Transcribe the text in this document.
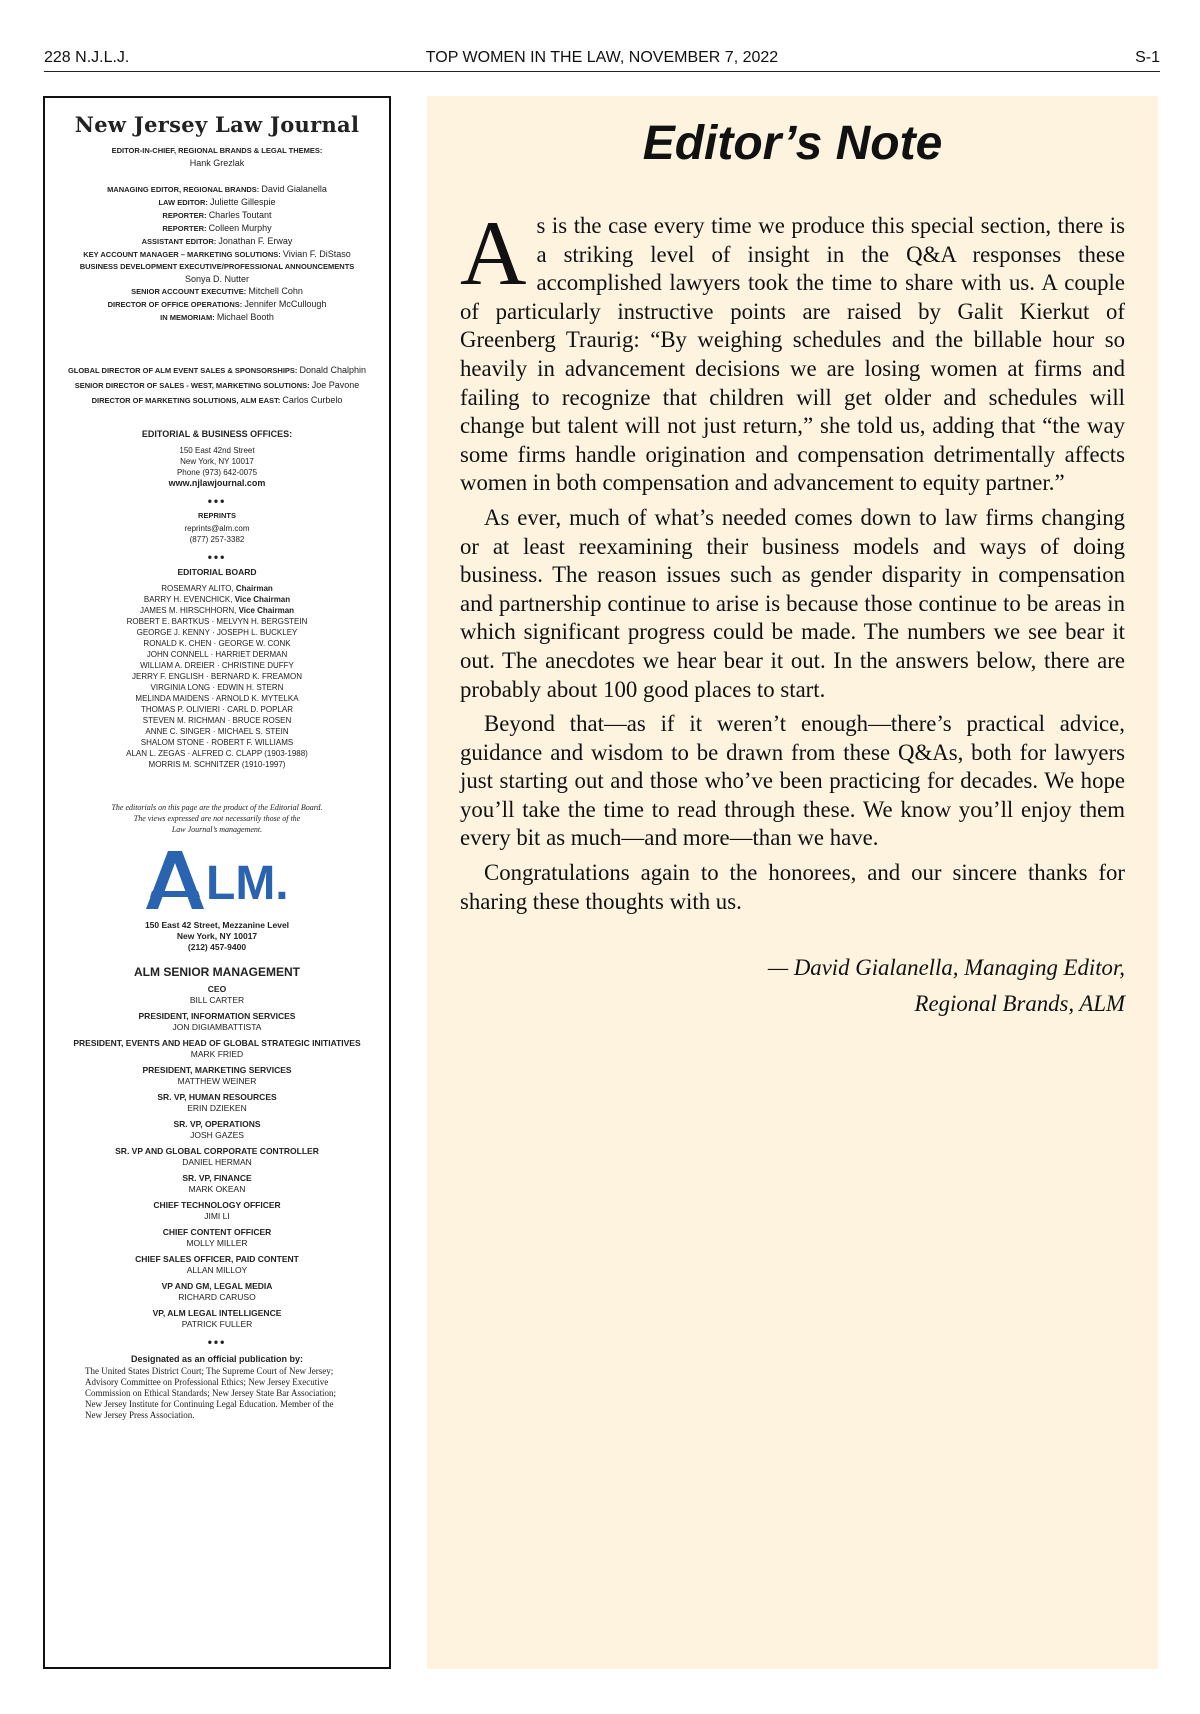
228 N.J.L.J.	TOP WOMEN IN THE LAW, NOVEMBER 7, 2022	S-1
New Jersey Law Journal
EDITOR-IN-CHIEF, REGIONAL BRANDS & LEGAL THEMES:
Hank Grezlak
MANAGING EDITOR, REGIONAL BRANDS: David Gialanella
LAW EDITOR: Juliette Gillespie
REPORTER: Charles Toutant
REPORTER: Colleen Murphy
ASSISTANT EDITOR: Jonathan F. Erway
KEY ACCOUNT MANAGER – MARKETING SOLUTIONS: Vivian F. DiStaso
BUSINESS DEVELOPMENT EXECUTIVE/PROFESSIONAL ANNOUNCEMENTS
Sonya D. Nutter
SENIOR ACCOUNT EXECUTIVE: Mitchell Cohn
DIRECTOR OF OFFICE OPERATIONS: Jennifer McCullough
IN MEMORIAM: Michael Booth
GLOBAL DIRECTOR OF ALM EVENT SALES & SPONSORSHIPS: Donald Chalphin
SENIOR DIRECTOR OF SALES - WEST, MARKETING SOLUTIONS: Joe Pavone
DIRECTOR OF MARKETING SOLUTIONS, ALM EAST: Carlos Curbelo
EDITORIAL & BUSINESS OFFICES:
150 East 42nd Street
New York, NY 10017
Phone (973) 642-0075
www.njlawjournal.com
•••
REPRINTS
reprints@alm.com
(877) 257-3382
•••
EDITORIAL BOARD
ROSEMARY ALITO, Chairman
BARRY H. EVENCHICK, Vice Chairman
JAMES M. HIRSCHHORN, Vice Chairman
ROBERT E. BARTKUS · MELVYN H. BERGSTEIN
GEORGE J. KENNY · JOSEPH L. BUCKLEY
RONALD K. CHEN · GEORGE W. CONK
JOHN CONNELL · HARRIET DERMAN
WILLIAM A. DREIER · CHRISTINE DUFFY
JERRY F. ENGLISH · BERNARD K. FREAMON
VIRGINIA LONG · EDWIN H. STERN
MELINDA MAIDENS · ARNOLD K. MYTELKA
THOMAS P. OLIVIERI · CARL D. POPLAR
STEVEN M. RICHMAN · BRUCE ROSEN
ANNE C. SINGER · MICHAEL S. STEIN
SHALOM STONE · ROBERT F. WILLIAMS
ALAN L. ZEGAS · ALFRED C. CLAPP (1903-1988)
MORRIS M. SCHNITZER (1910-1997)
The editorials on this page are the product of the Editorial Board.
The views expressed are not necessarily those of the
Law Journal’s management.
LM.
150 East 42 Street, Mezzanine Level
New York, NY 10017
(212) 457-9400
ALM SENIOR MANAGEMENT
CEO
BILL CARTER
PRESIDENT, INFORMATION SERVICES
JON DIGIAMBATTISTA
PRESIDENT, EVENTS AND HEAD OF GLOBAL STRATEGIC INITIATIVES
MARK FRIED
PRESIDENT, MARKETING SERVICES
MATTHEW WEINER
SR. VP, HUMAN RESOURCES
ERIN DZIEKEN
SR. VP, OPERATIONS
JOSH GAZES
SR. VP AND GLOBAL CORPORATE CONTROLLER
DANIEL HERMAN
SR. VP, FINANCE
MARK OKEAN
CHIEF TECHNOLOGY OFFICER
JIMI LI
CHIEF CONTENT OFFICER
MOLLY MILLER
CHIEF SALES OFFICER, PAID CONTENT
ALLAN MILLOY
VP AND GM, LEGAL MEDIA
RICHARD CARUSO
VP, ALM LEGAL INTELLIGENCE
PATRICK FULLER
•••
Designated as an official publication by:
The United States District Court; The Supreme Court of New Jersey; Advisory Committee on Professional Ethics; New Jersey Executive Commission on Ethical Standards; New Jersey State Bar Association; New Jersey Institute for Continuing Legal Education. Member of the New Jersey Press Association.
Editor’s Note

As is the case every time we produce this special section, there is a striking level of insight in the Q&A responses these accomplished lawyers took the time to share with us. A couple of particularly instructive points are raised by Galit Kierkut of Greenberg Traurig: “By weighing schedules and the billable hour so heavily in advancement decisions we are losing women at firms and failing to recognize that children will get older and schedules will change but talent will not just return,” she told us, adding that “the way some firms handle origination and compensation detrimentally affects women in both compensation and advancement to equity partner.”

As ever, much of what’s needed comes down to law firms changing or at least reexamining their business models and ways of doing business. The reason issues such as gender disparity in compensation and partnership continue to arise is because those continue to be areas in which significant progress could be made. The numbers we see bear it out. The anecdotes we hear bear it out. In the answers below, there are probably about 100 good places to start.

Beyond that—as if it weren’t enough—there’s practical advice, guidance and wisdom to be drawn from these Q&As, both for lawyers just starting out and those who’ve been practicing for decades. We hope you’ll take the time to read through these. We know you’ll enjoy them every bit as much—and more—than we have.

Congratulations again to the honorees, and our sincere thanks for sharing these thoughts with us.

— David Gialanella, Managing Editor,

Regional Brands, ALM
